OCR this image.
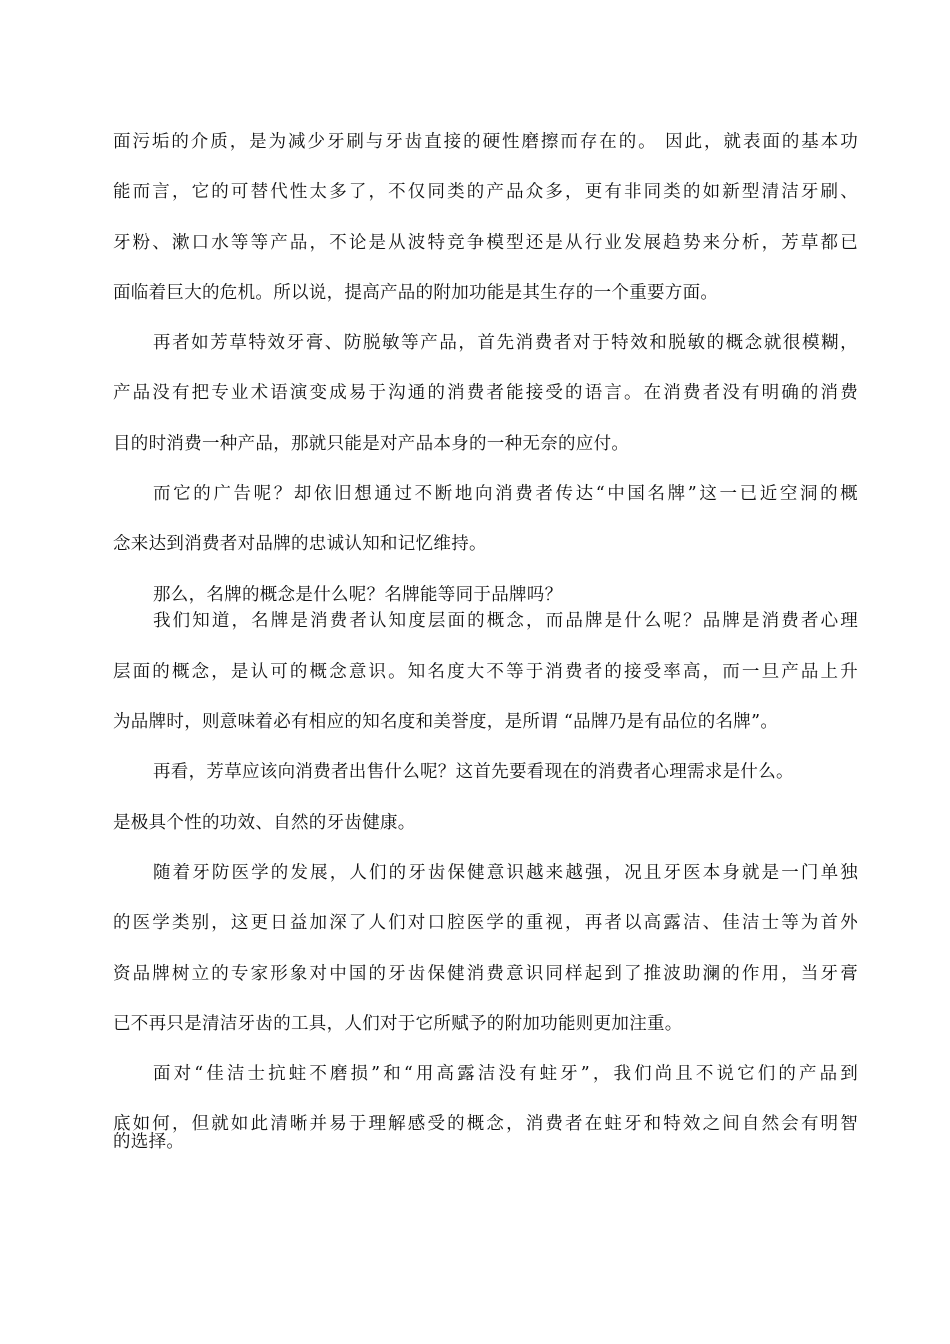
面污垢的介质，是为减少牙刷与牙齿直接的硬性磨擦而存在的。 因此，就表面的基本功
能而言，它的可替代性太多了，不仅同类的产品众多，更有非同类的如新型清洁牙刷、
牙粉、漱口水等等产品，不论是从波特竞争模型还是从行业发展趋势来分析，芳草都已
面临着巨大的危机。所以说，提高产品的附加功能是其生存的一个重要方面。
再者如芳草特效牙膏、防脱敏等产品，首先消费者对于特效和脱敏的概念就很模糊，
产品没有把专业术语演变成易于沟通的消费者能接受的语言。在消费者没有明确的消费
目的时消费一种产品，那就只能是对产品本身的一种无奈的应付。
而它的广告呢？却依旧想通过不断地向消费者传达“中国名牌”这一已近空洞的概
念来达到消费者对品牌的忠诚认知和记忆维持。
那么，名牌的概念是什么呢？名牌能等同于品牌吗？
我们知道，名牌是消费者认知度层面的概念，而品牌是什么呢？品牌是消费者心理
层面的概念，是认可的概念意识。知名度大不等于消费者的接受率高，而一旦产品上升
为品牌时，则意味着必有相应的知名度和美誉度，是所谓 “品牌乃是有品位的名牌”。
再看，芳草应该向消费者出售什么呢？这首先要看现在的消费者心理需求是什么。
是极具个性的功效、自然的牙齿健康。
随着牙防医学的发展，人们的牙齿保健意识越来越强，况且牙医本身就是一门单独
的医学类别，这更日益加深了人们对口腔医学的重视，再者以高露洁、佳洁士等为首外
资品牌树立的专家形象对中国的牙齿保健消费意识同样起到了推波助澜的作用，当牙膏
已不再只是清洁牙齿的工具，人们对于它所赋予的附加功能则更加注重。
面对“佳洁士抗蛀不磨损”和“用高露洁没有蛀牙”，我们尚且不说它们的产品到
底如何，但就如此清晰并易于理解感受的概念，消费者在蛀牙和特效之间自然会有明智
的选择。
